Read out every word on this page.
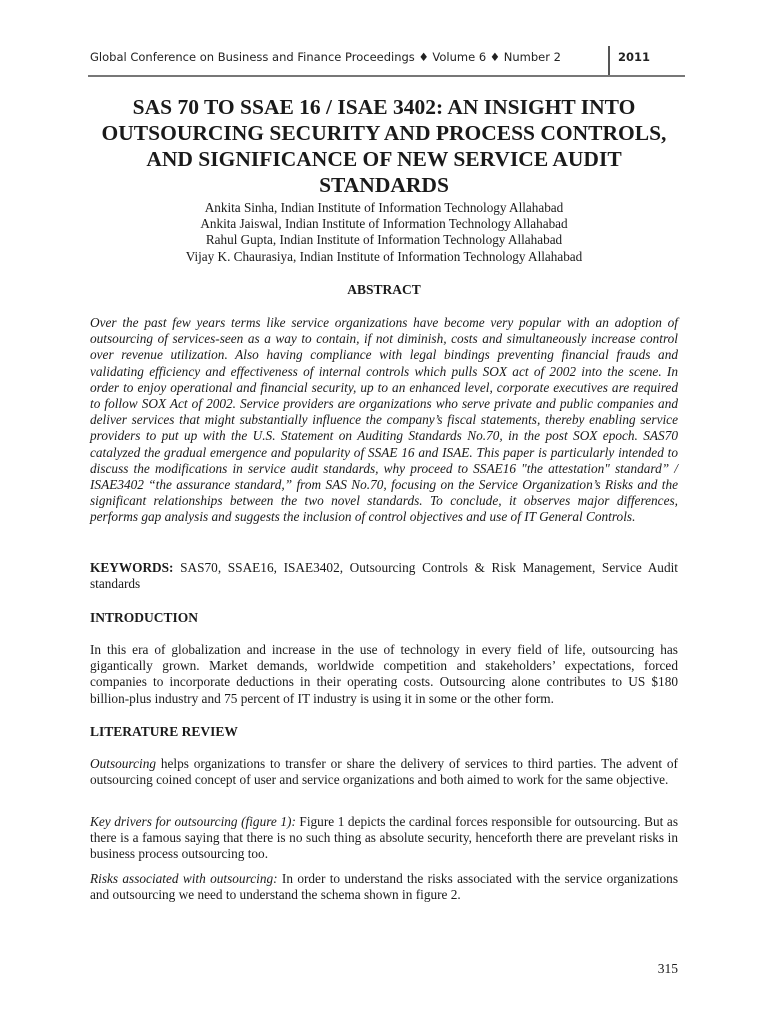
Global Conference on Business and Finance Proceedings ♦ Volume 6 ♦ Number 2	2011
SAS 70 TO SSAE 16 / ISAE 3402: AN INSIGHT INTO OUTSOURCING SECURITY AND PROCESS CONTROLS, AND SIGNIFICANCE OF NEW SERVICE AUDIT STANDARDS
Ankita Sinha, Indian Institute of Information Technology Allahabad
Ankita Jaiswal, Indian Institute of Information Technology Allahabad
Rahul Gupta, Indian Institute of Information Technology Allahabad
Vijay K. Chaurasiya, Indian Institute of Information Technology Allahabad
ABSTRACT
Over the past few years terms like service organizations have become very popular with an adoption of outsourcing of services-seen as a way to contain, if not diminish, costs and simultaneously increase control over revenue utilization. Also having compliance with legal bindings preventing financial frauds and validating efficiency and effectiveness of internal controls which pulls SOX act of 2002 into the scene. In order to enjoy operational and financial security, up to an enhanced level, corporate executives are required to follow SOX Act of 2002. Service providers are organizations who serve private and public companies and deliver services that might substantially influence the company’s fiscal statements, thereby enabling service providers to put up with the U.S. Statement on Auditing Standards No.70, in the post SOX epoch. SAS70 catalyzed the gradual emergence and popularity of SSAE 16 and ISAE. This paper is particularly intended to discuss the modifications in service audit standards, why proceed to SSAE16 "the attestation" standard” / ISAE3402 “the assurance standard,” from SAS No.70, focusing on the Service Organization’s Risks and the significant relationships between the two novel standards. To conclude, it observes major differences, performs gap analysis and suggests the inclusion of control objectives and use of IT General Controls.
KEYWORDS: SAS70, SSAE16, ISAE3402, Outsourcing Controls & Risk Management, Service Audit standards
INTRODUCTION
In this era of globalization and increase in the use of technology in every field of life, outsourcing has gigantically grown. Market demands, worldwide competition and stakeholders’ expectations, forced companies to incorporate deductions in their operating costs. Outsourcing alone contributes to US $180 billion-plus industry and 75 percent of IT industry is using it in some or the other form.
LITERATURE REVIEW
Outsourcing helps organizations to transfer or share the delivery of services to third parties. The advent of outsourcing coined concept of user and service organizations and both aimed to work for the same objective.
Key drivers for outsourcing (figure 1): Figure 1 depicts the cardinal forces responsible for outsourcing. But as there is a famous saying that there is no such thing as absolute security, henceforth there are prevelant risks in business process outsourcing too.
Risks associated with outsourcing: In order to understand the risks associated with the service organizations and outsourcing we need to understand the schema shown in figure 2.
315
